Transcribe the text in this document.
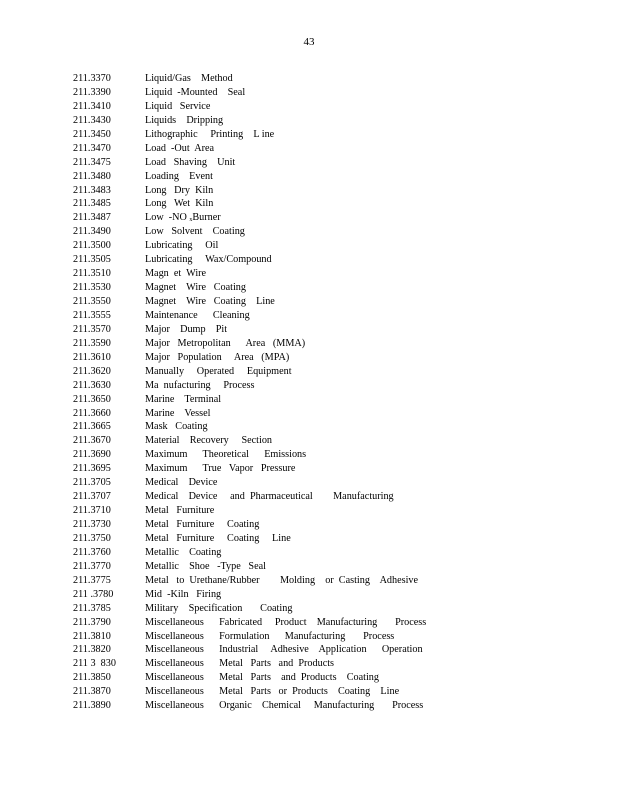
43
211.3370	Liquid/Gas    Method
211.3390	Liquid  -Mounted    Seal
211.3410	Liquid   Service
211.3430	Liquids    Dripping
211.3450	Lithographic     Printing    L ine
211.3470	Load  -Out  Area
211.3475	Load   Shaving    Unit
211.3480	Loading    Event
211.3483	Long   Dry  Kiln
211.3485	Long   Wet  Kiln
211.3487	Low  -NO ₓBurner
211.3490	Low   Solvent    Coating
211.3500	Lubricating     Oil
211.3505	Lubricating     Wax/Compound
211.3510	Magn  et  Wire
211.3530	Magnet    Wire   Coating
211.3550	Magnet    Wire   Coating    Line
211.3555	Maintenance      Cleaning
211.3570	Major    Dump    Pit
211.3590	Major   Metropolitan      Area   (MMA)
211.3610	Major   Population     Area   (MPA)
211.3620	Manually     Operated     Equipment
211.3630	Ma  nufacturing     Process
211.3650	Marine    Terminal
211.3660	Marine    Vessel
211.3665	Mask   Coating
211.3670	Material    Recovery     Section
211.3690	Maximum      Theoretical      Emissions
211.3695	Maximum      True   Vapor   Pressure
211.3705	Medical    Device
211.3707	Medical    Device     and  Pharmaceutical        Manufacturing
211.3710	Metal   Furniture
211.3730	Metal   Furniture     Coating
211.3750	Metal   Furniture     Coating     Line
211.3760	Metallic    Coating
211.3770	Metallic    Shoe   -Type   Seal
211.3775	Metal   to  Urethane/Rubber        Molding    or  Casting    Adhesive
211 .3780	Mid  -Kiln   Firing
211.3785	Military    Specification       Coating
211.3790	Miscellaneous      Fabricated     Product    Manufacturing       Process
211.3810	Miscellaneous      Formulation      Manufacturing       Process
211.3820	Miscellaneous      Industrial     Adhesive    Application      Operation
211 3  830	Miscellaneous      Metal   Parts   and  Products
211.3850	Miscellaneous      Metal   Parts    and  Products    Coating
211.3870	Miscellaneous      Metal   Parts   or  Products    Coating    Line
211.3890	Miscellaneous      Organic    Chemical     Manufacturing       Process
